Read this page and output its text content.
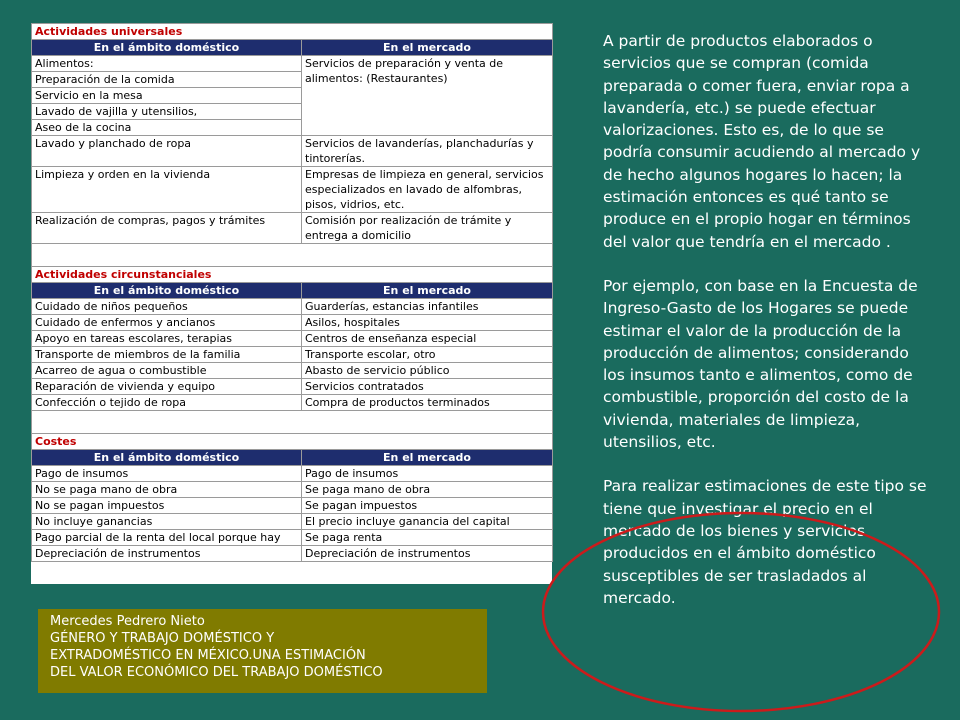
Actividades universales	
En el ámbito doméstico	En el mercado
Alimentos:	Servicios de preparación y venta de alimentos: (Restaurantes)
Preparación de la comida	
Servicio en la mesa	
Lavado de vajilla y utensilios,	
Aseo de la cocina	
Lavado y planchado de ropa	Servicios de lavanderías, planchadurías y tintorerías.
Limpieza y orden en la vivienda	Empresas de limpieza en general, servicios especializados en lavado de alfombras, pisos, vidrios, etc.
Realización de compras, pagos y trámites	Comisión por realización de trámite y entrega a domicilio

Actividades circunstanciales	
En el ámbito doméstico	En el mercado
Cuidado de niños pequeños	Guarderías, estancias infantiles
Cuidado de enfermos y ancianos	Asilos, hospitales
Apoyo en tareas escolares, terapias	Centros de enseñanza especial
Transporte de miembros de la familia	Transporte escolar, otro
Acarreo de agua o combustible	Abasto de servicio público
Reparación de vivienda y equipo	Servicios contratados
Confección o tejido de ropa	Compra de productos terminados

Costes	
En el ámbito doméstico	En el mercado
Pago de insumos	Pago de insumos
No se paga mano de obra	Se paga mano de obra
No se pagan impuestos	Se pagan impuestos
No incluye ganancias	El precio incluye ganancia del capital
Pago parcial de la renta del local porque hay	Se paga renta
Depreciación de instrumentos	Depreciación de instrumentos

A partir de productos elaborados o servicios que se compran (comida preparada o comer fuera, enviar ropa a lavandería, etc.) se puede efectuar valorizaciones. Esto es, de lo que se podría consumir acudiendo al mercado y de hecho algunos hogares lo hacen; la estimación entonces es qué tanto se produce en el propio hogar en términos del valor que tendría en el mercado .

Por ejemplo, con base en la Encuesta de Ingreso-Gasto de los Hogares se puede estimar el valor de la producción de la producción de alimentos; considerando los insumos tanto e alimentos, como de combustible, proporción del costo de la vivienda, materiales de limpieza, utensilios, etc.

Para realizar estimaciones de este tipo se tiene que investigar el precio en el mercado de los bienes y servicios producidos en el ámbito doméstico susceptibles de ser trasladados al mercado.

Mercedes Pedrero Nieto
GÉNERO Y TRABAJO DOMÉSTICO Y
EXTRADOMÉSTICO EN MÉXICO.UNA ESTIMACIÓN
DEL VALOR ECONÓMICO DEL TRABAJO DOMÉSTICO
